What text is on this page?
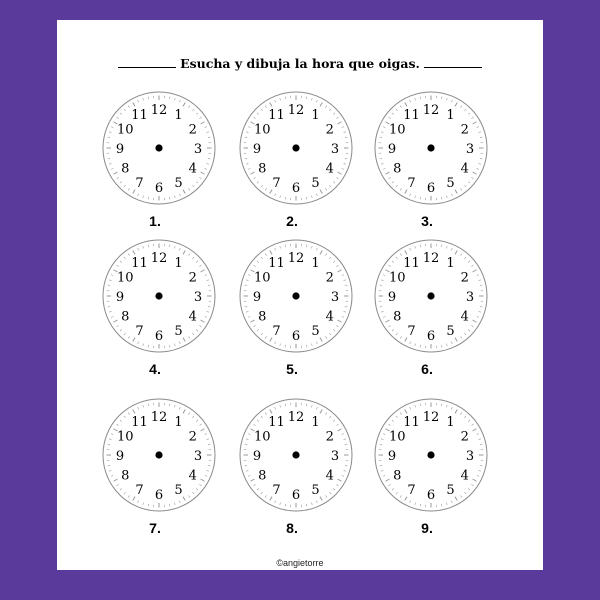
Esucha y dibuja la hora que oigas.
12 1
2
3
4
5
6
7
8
9
10
11
1.
12 1
2
3
4
5
6
7
8
9
10
11
2.
12 1
2
3
4
5
6
7
8
9
10
11
3.
12 1
2
3
4
5
6
7
8
9
10
11
4.
12 1
2
3
4
5
6
7
8
9
10
11
5.
12 1
2
3
4
5
6
7
8
9
10
11
6.
12 1
2
3
4
5
6
7
8
9
10
11
7.
12 1
2
3
4
5
6
7
8
9
10
11
8.
12 1
2
3
4
5
6
7
8
9
10
11
9.
©angietorre
